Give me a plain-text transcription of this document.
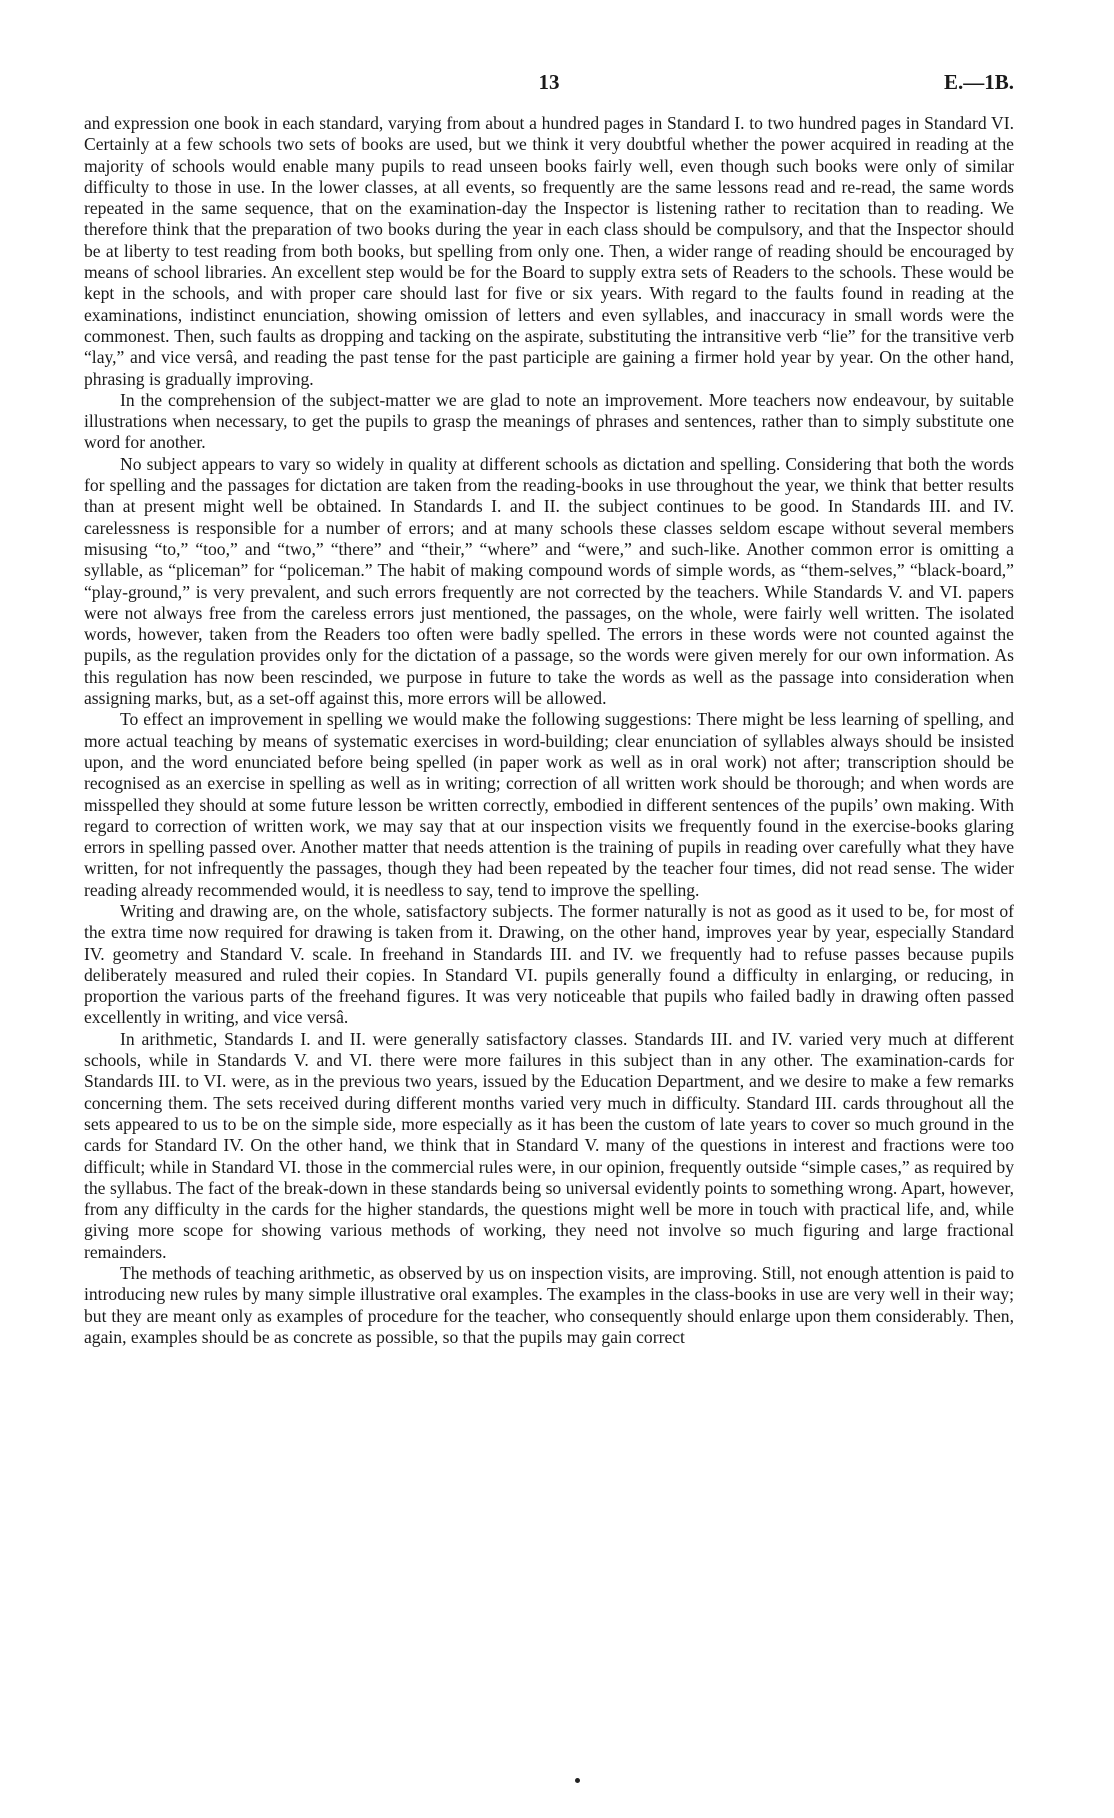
13	E.—1B.

and expression one book in each standard, varying from about a hundred pages in Standard I. to two hundred pages in Standard VI. Certainly at a few schools two sets of books are used, but we think it very doubtful whether the power acquired in reading at the majority of schools would enable many pupils to read unseen books fairly well, even though such books were only of similar difficulty to those in use. In the lower classes, at all events, so frequently are the same lessons read and re-read, the same words repeated in the same sequence, that on the examination-day the Inspector is listening rather to recitation than to reading. We therefore think that the preparation of two books during the year in each class should be compulsory, and that the Inspector should be at liberty to test reading from both books, but spelling from only one. Then, a wider range of reading should be encouraged by means of school libraries. An excellent step would be for the Board to supply extra sets of Readers to the schools. These would be kept in the schools, and with proper care should last for five or six years. With regard to the faults found in reading at the examinations, indistinct enunciation, showing omission of letters and even syllables, and inaccuracy in small words were the commonest. Then, such faults as dropping and tacking on the aspirate, substituting the intransitive verb “lie” for the transitive verb “lay,” and vice versâ, and reading the past tense for the past participle are gaining a firmer hold year by year. On the other hand, phrasing is gradually improving.

In the comprehension of the subject-matter we are glad to note an improvement. More teachers now endeavour, by suitable illustrations when necessary, to get the pupils to grasp the meanings of phrases and sentences, rather than to simply substitute one word for another.

No subject appears to vary so widely in quality at different schools as dictation and spelling. Considering that both the words for spelling and the passages for dictation are taken from the reading-books in use throughout the year, we think that better results than at present might well be obtained. In Standards I. and II. the subject continues to be good. In Standards III. and IV. carelessness is responsible for a number of errors; and at many schools these classes seldom escape without several members misusing “to,” “too,” and “two,” “there” and “their,” “where” and “were,” and such-like. Another common error is omitting a syllable, as “pliceman” for “policeman.” The habit of making compound words of simple words, as “them-selves,” “black-board,” “play-ground,” is very prevalent, and such errors frequently are not corrected by the teachers. While Standards V. and VI. papers were not always free from the careless errors just mentioned, the passages, on the whole, were fairly well written. The isolated words, however, taken from the Readers too often were badly spelled. The errors in these words were not counted against the pupils, as the regulation provides only for the dictation of a passage, so the words were given merely for our own information. As this regulation has now been rescinded, we purpose in future to take the words as well as the passage into consideration when assigning marks, but, as a set-off against this, more errors will be allowed.

To effect an improvement in spelling we would make the following suggestions: There might be less learning of spelling, and more actual teaching by means of systematic exercises in word-building; clear enunciation of syllables always should be insisted upon, and the word enunciated before being spelled (in paper work as well as in oral work) not after; transcription should be recognised as an exercise in spelling as well as in writing; correction of all written work should be thorough; and when words are misspelled they should at some future lesson be written correctly, embodied in different sentences of the pupils’ own making. With regard to correction of written work, we may say that at our inspection visits we frequently found in the exercise-books glaring errors in spelling passed over. Another matter that needs attention is the training of pupils in reading over carefully what they have written, for not infrequently the passages, though they had been repeated by the teacher four times, did not read sense. The wider reading already recommended would, it is needless to say, tend to improve the spelling.

Writing and drawing are, on the whole, satisfactory subjects. The former naturally is not as good as it used to be, for most of the extra time now required for drawing is taken from it. Drawing, on the other hand, improves year by year, especially Standard IV. geometry and Standard V. scale. In freehand in Standards III. and IV. we frequently had to refuse passes because pupils deliberately measured and ruled their copies. In Standard VI. pupils generally found a difficulty in enlarging, or reducing, in proportion the various parts of the freehand figures. It was very noticeable that pupils who failed badly in drawing often passed excellently in writing, and vice versâ.

In arithmetic, Standards I. and II. were generally satisfactory classes. Standards III. and IV. varied very much at different schools, while in Standards V. and VI. there were more failures in this subject than in any other. The examination-cards for Standards III. to VI. were, as in the previous two years, issued by the Education Department, and we desire to make a few remarks concerning them. The sets received during different months varied very much in difficulty. Standard III. cards throughout all the sets appeared to us to be on the simple side, more especially as it has been the custom of late years to cover so much ground in the cards for Standard IV. On the other hand, we think that in Standard V. many of the questions in interest and fractions were too difficult; while in Standard VI. those in the commercial rules were, in our opinion, frequently outside “simple cases,” as required by the syllabus. The fact of the break-down in these standards being so universal evidently points to something wrong. Apart, however, from any difficulty in the cards for the higher standards, the questions might well be more in touch with practical life, and, while giving more scope for showing various methods of working, they need not involve so much figuring and large fractional remainders.

The methods of teaching arithmetic, as observed by us on inspection visits, are improving. Still, not enough attention is paid to introducing new rules by many simple illustrative oral examples. The examples in the class-books in use are very well in their way; but they are meant only as examples of procedure for the teacher, who consequently should enlarge upon them considerably. Then, again, examples should be as concrete as possible, so that the pupils may gain correct
